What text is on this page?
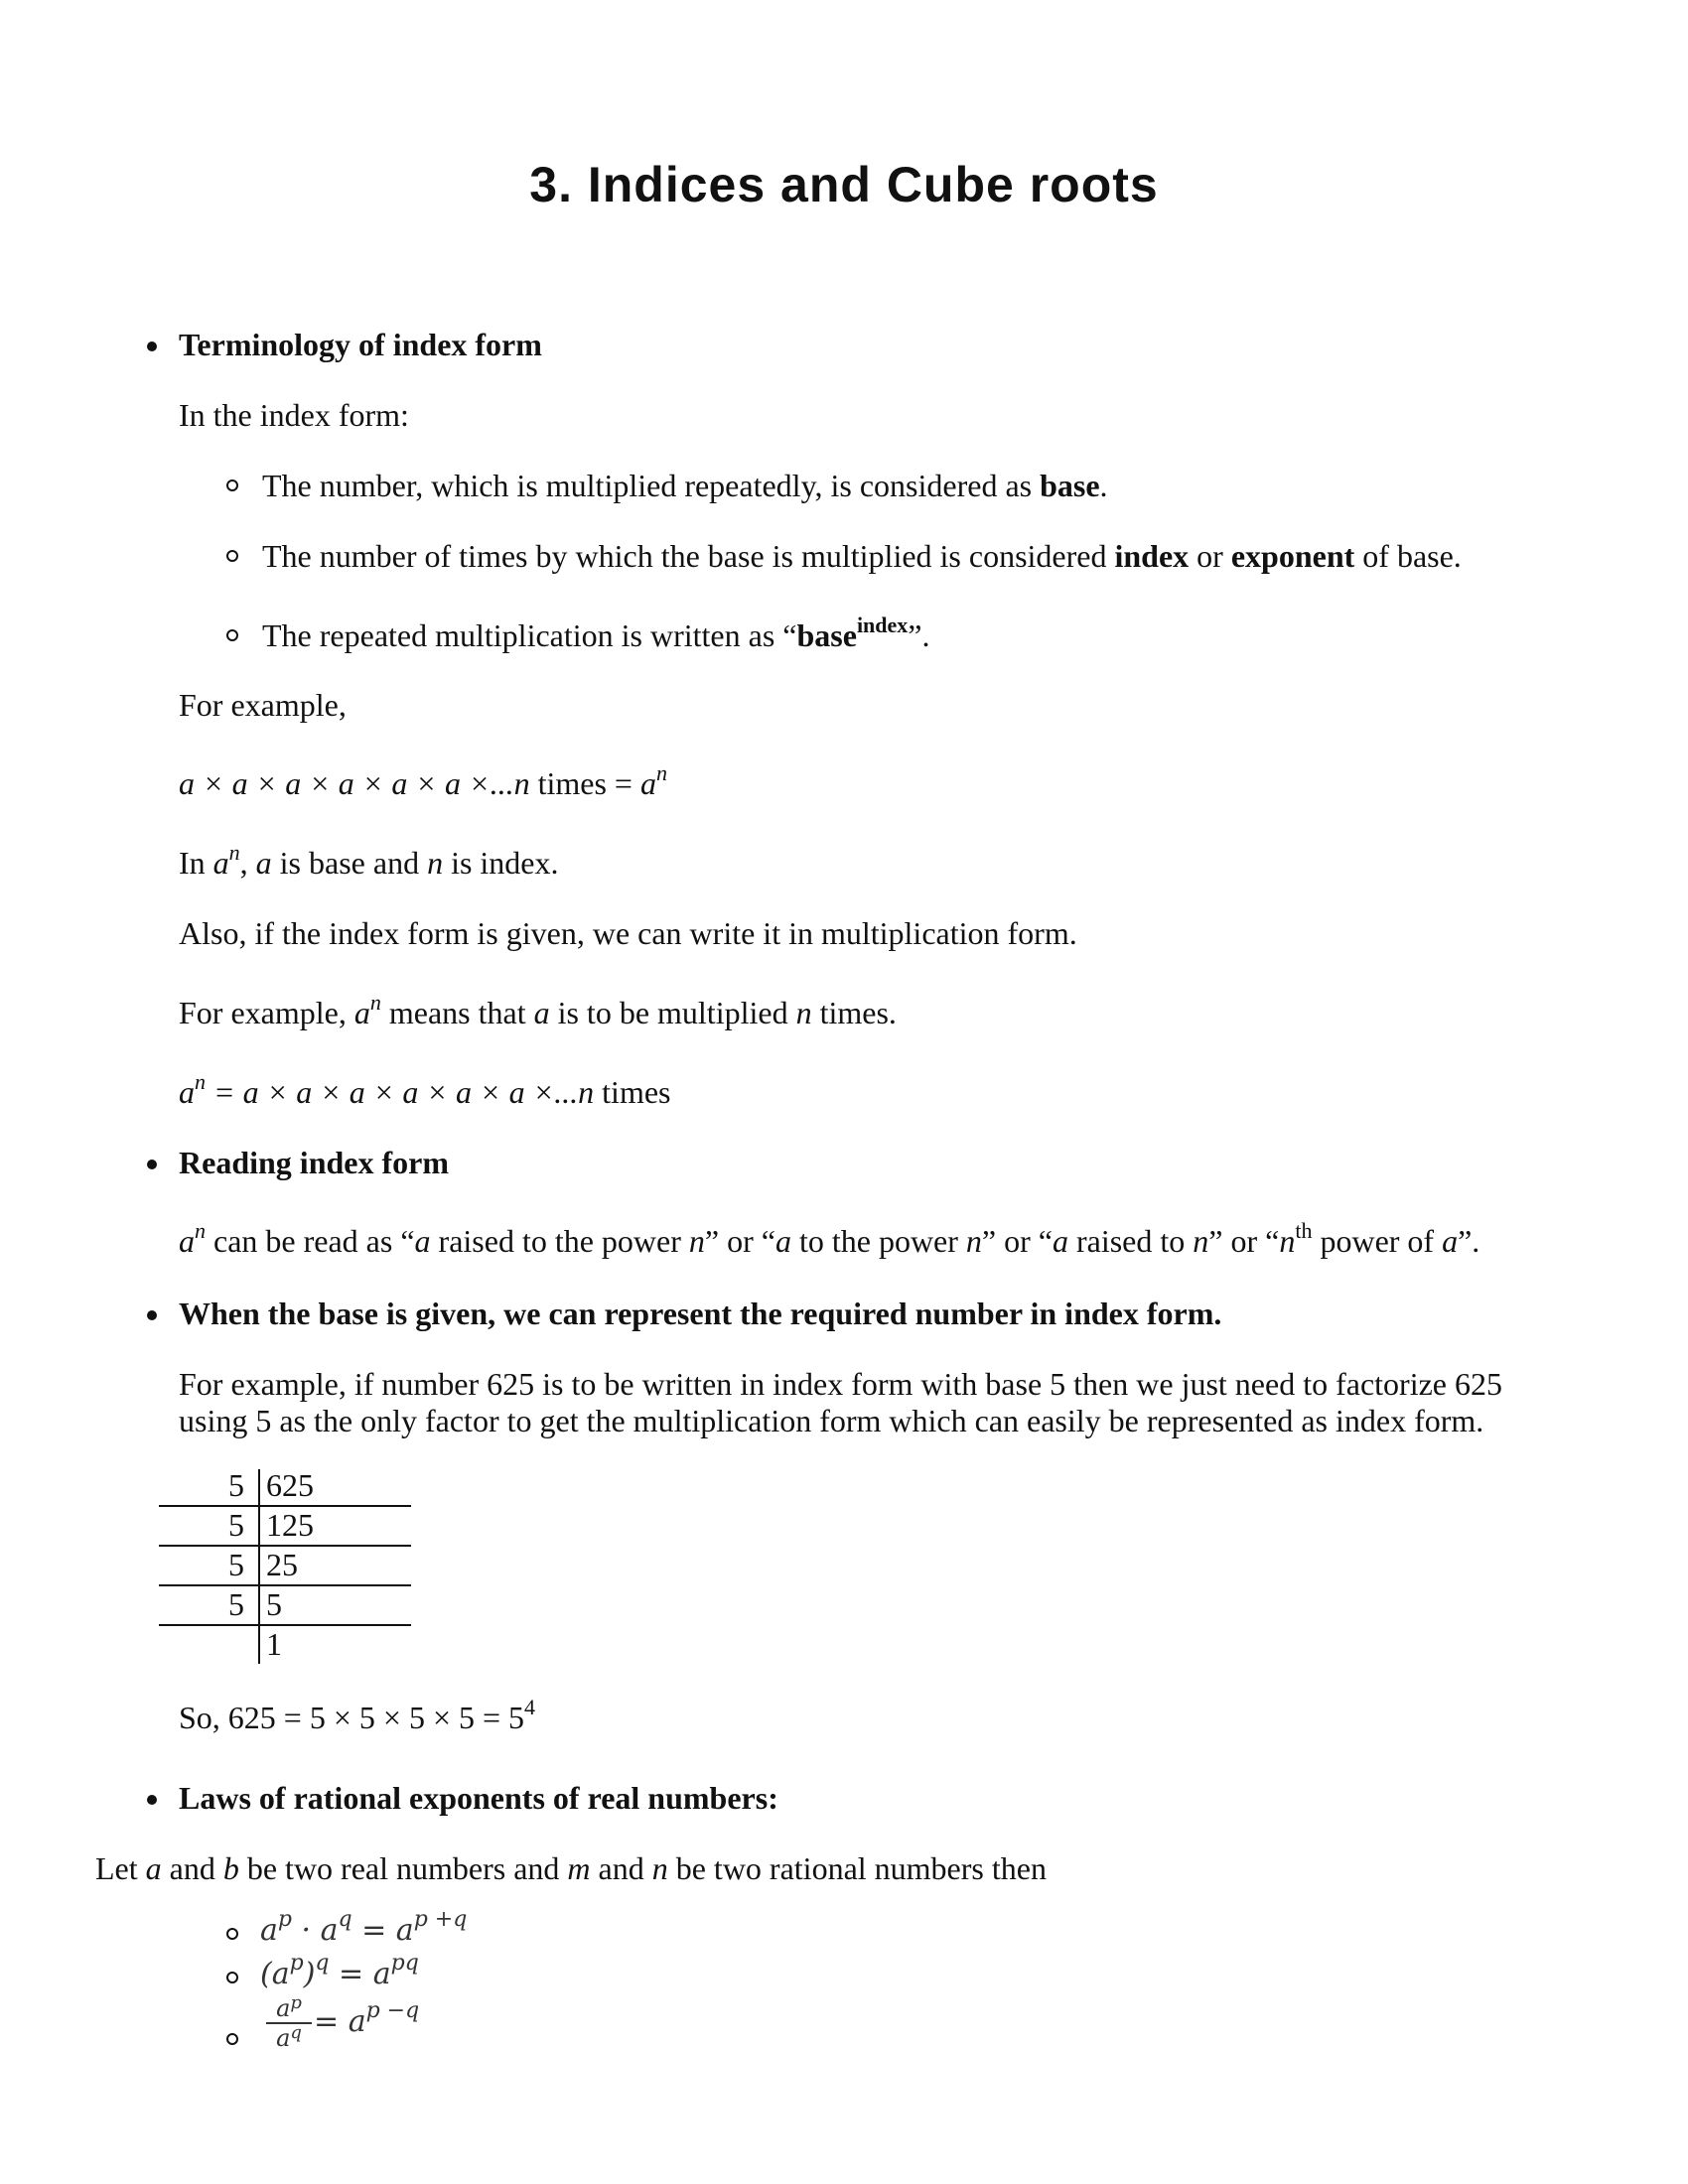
3. Indices and Cube roots
Terminology of index form
In the index form:
The number, which is multiplied repeatedly, is considered as base.
The number of times by which the base is multiplied is considered index or exponent of base.
The repeated multiplication is written as “base$^{index}$”.
For example,
a × a × a × a × a × a ×...n times = $a^n$
In $a^n$, a is base and n is index.
Also, if the index form is given, we can write it in multiplication form.
For example, $a^n$ means that a is to be multiplied n times.
$a^n = a \times a \times a \times a \times a \times a \times...n$ times
Reading index form
$a^n$ can be read as “a raised to the power n” or “a to the power n” or “a raised to n” or “$n^{th}$ power of a”.
When the base is given, we can represent the required number in index form.
For example, if number 625 is to be written in index form with base 5 then we just need to factorize 625
using 5 as the only factor to get the multiplication form which can easily be represented as index form.
5 625
5 125
5 25
5 5
1
So, $625 = 5 \times 5 \times 5 \times 5 = 5^4$
Laws of rational exponents of real numbers:
Let a and b be two real numbers and m and n be two rational numbers then
$a^p \cdot a^q = a^{p +q}$
$(a^p)^q = a^{pq}$
$a^p$
$a^q = a^{p -q}$
